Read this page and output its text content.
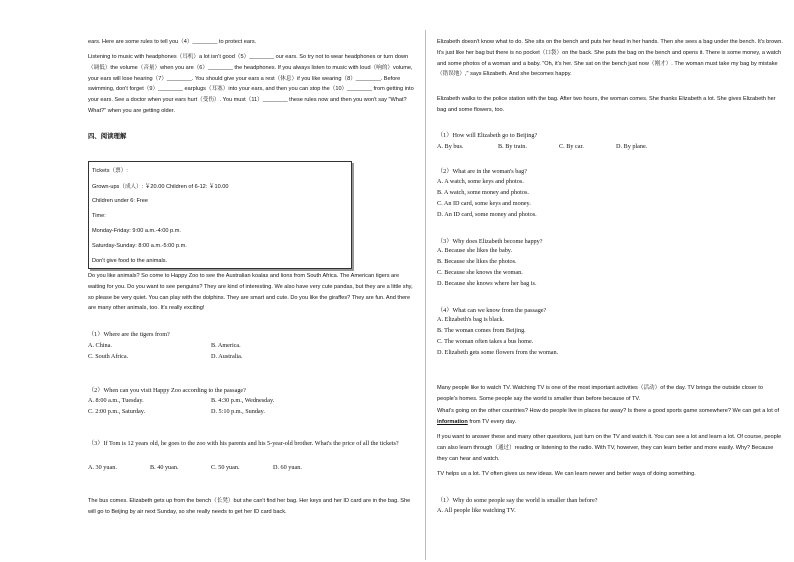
ears. Here are some rules to tell you（4）________ to protect ears.

Listening to music with headphones（耳机）a lot isn't good（5）________ our ears. So try not to wear headphones or turn down（调低）the volume（音量）when you are（6）________ the headphones. If you always listen to music with loud（响的）volume, your ears will lose hearing（7）________. You should give your ears a rest（休息）if you like wearing（8）________. Before swimming, don't forget（9）________ earplugs（耳塞）into your ears, and then you can stop the（10）________ from getting into your ears. See a doctor when your ears hurt（受伤）. You must（11）________ these rules now and then you won't say "What? What?" when you are getting older.

四、阅读理解
Tickets（票）:
Grown-ups（成人）: ￥20.00 Children of 6-12: ￥10.00
Children under 6: Free
Time:
Monday-Friday: 9:00 a.m.-4:00 p.m.
Saturday-Sunday: 8:00 a.m.-5:00 p.m.
Don't give food to the animals.

Do you like animals? So come to Happy Zoo to see the Australian koalas and lions from South Africa. The American tigers are waiting for you. Do you want to see penguins? They are kind of interesting. We also have very cute pandas, but they are a little shy, so please be very quiet. You can play with the dolphins. They are smart and cute. Do you like the giraffes? They are fun. And there are many other animals, too. It's really exciting!

（1）Where are the tigers from?
A. China.	B. America.
C. South Africa.	D. Australia.
（2）When can you visit Happy Zoo according to the passage?
A. 8:00 a.m., Tuesday.	B. 4:30 p.m., Wednesday.
C. 2:00 p.m., Saturday.	D. 5:10 p.m., Sunday.

（3）If Tom is 12 years old, he goes to the zoo with his parents and his 5-year-old brother. What's the price of all the tickets?

A. 30 yuan.	B. 40 yuan.	C. 50 yuan.	D. 60 yuan.

The bus comes. Elizabeth gets up from the bench（长凳）but she can't find her bag. Her keys and her ID card are in the bag. She will go to Beijing by air next Sunday, so she really needs to get her ID card back.

Elizabeth doesn't know what to do. She sits on the bench and puts her head in her hands. Then she sees a bag under the bench. It's brown. It's just like her bag but there is no pocket（口袋）on the back. She puts the bag on the bench and opens it. There is some money, a watch and some photos of a woman and a baby. "Oh, it's her. She sat on the bench just now（刚才）. The woman must take my bag by mistake（错误地）," says Elizabeth. And she becomes happy.

Elizabeth walks to the police station with the bag. After two hours, the woman comes. She thanks Elizabeth a lot. She gives Elizabeth her bag and some flowers, too.

（1）How will Elizabeth go to Beijing?
A. By bus.	B. By train.	C. By car.	D. By plane.
（2）What are in the woman's bag?
A. A watch, some keys and photos.
B. A watch, some money and photos.
C. An ID card, some keys and money.
D. An ID card, some money and photos.
（3）Why does Elizabeth become happy?
A. Because she likes the baby.
B. Because she likes the photos.
C. Because she knows the woman.
D. Because she knows where her bag is.
（4）What can we know from the passage?
A. Elizabeth's bag is black.
B. The woman comes from Beijing.
C. The woman often takes a bus home.
D. Elizabeth gets some flowers from the woman.

Many people like to watch TV. Watching TV is one of the most important activities（活动）of the day. TV brings the outside closer to people's homes. Some people say the world is smaller than before because of TV.

What's going on the other countries? How do people live in places far away? Is there a good sports game somewhere? We can get a lot of information from TV every day.

If you want to answer these and many other questions, just turn on the TV and watch it. You can see a lot and learn a lot. Of course, people can also learn through（通过）reading or listening to the radio. With TV, however, they can learn better and more easily. Why? Because they can hear and watch.

TV helps us a lot. TV often gives us new ideas. We can learn newer and better ways of doing something.

（1）Why do some people say the world is smaller than before?
A. All people like watching TV.
